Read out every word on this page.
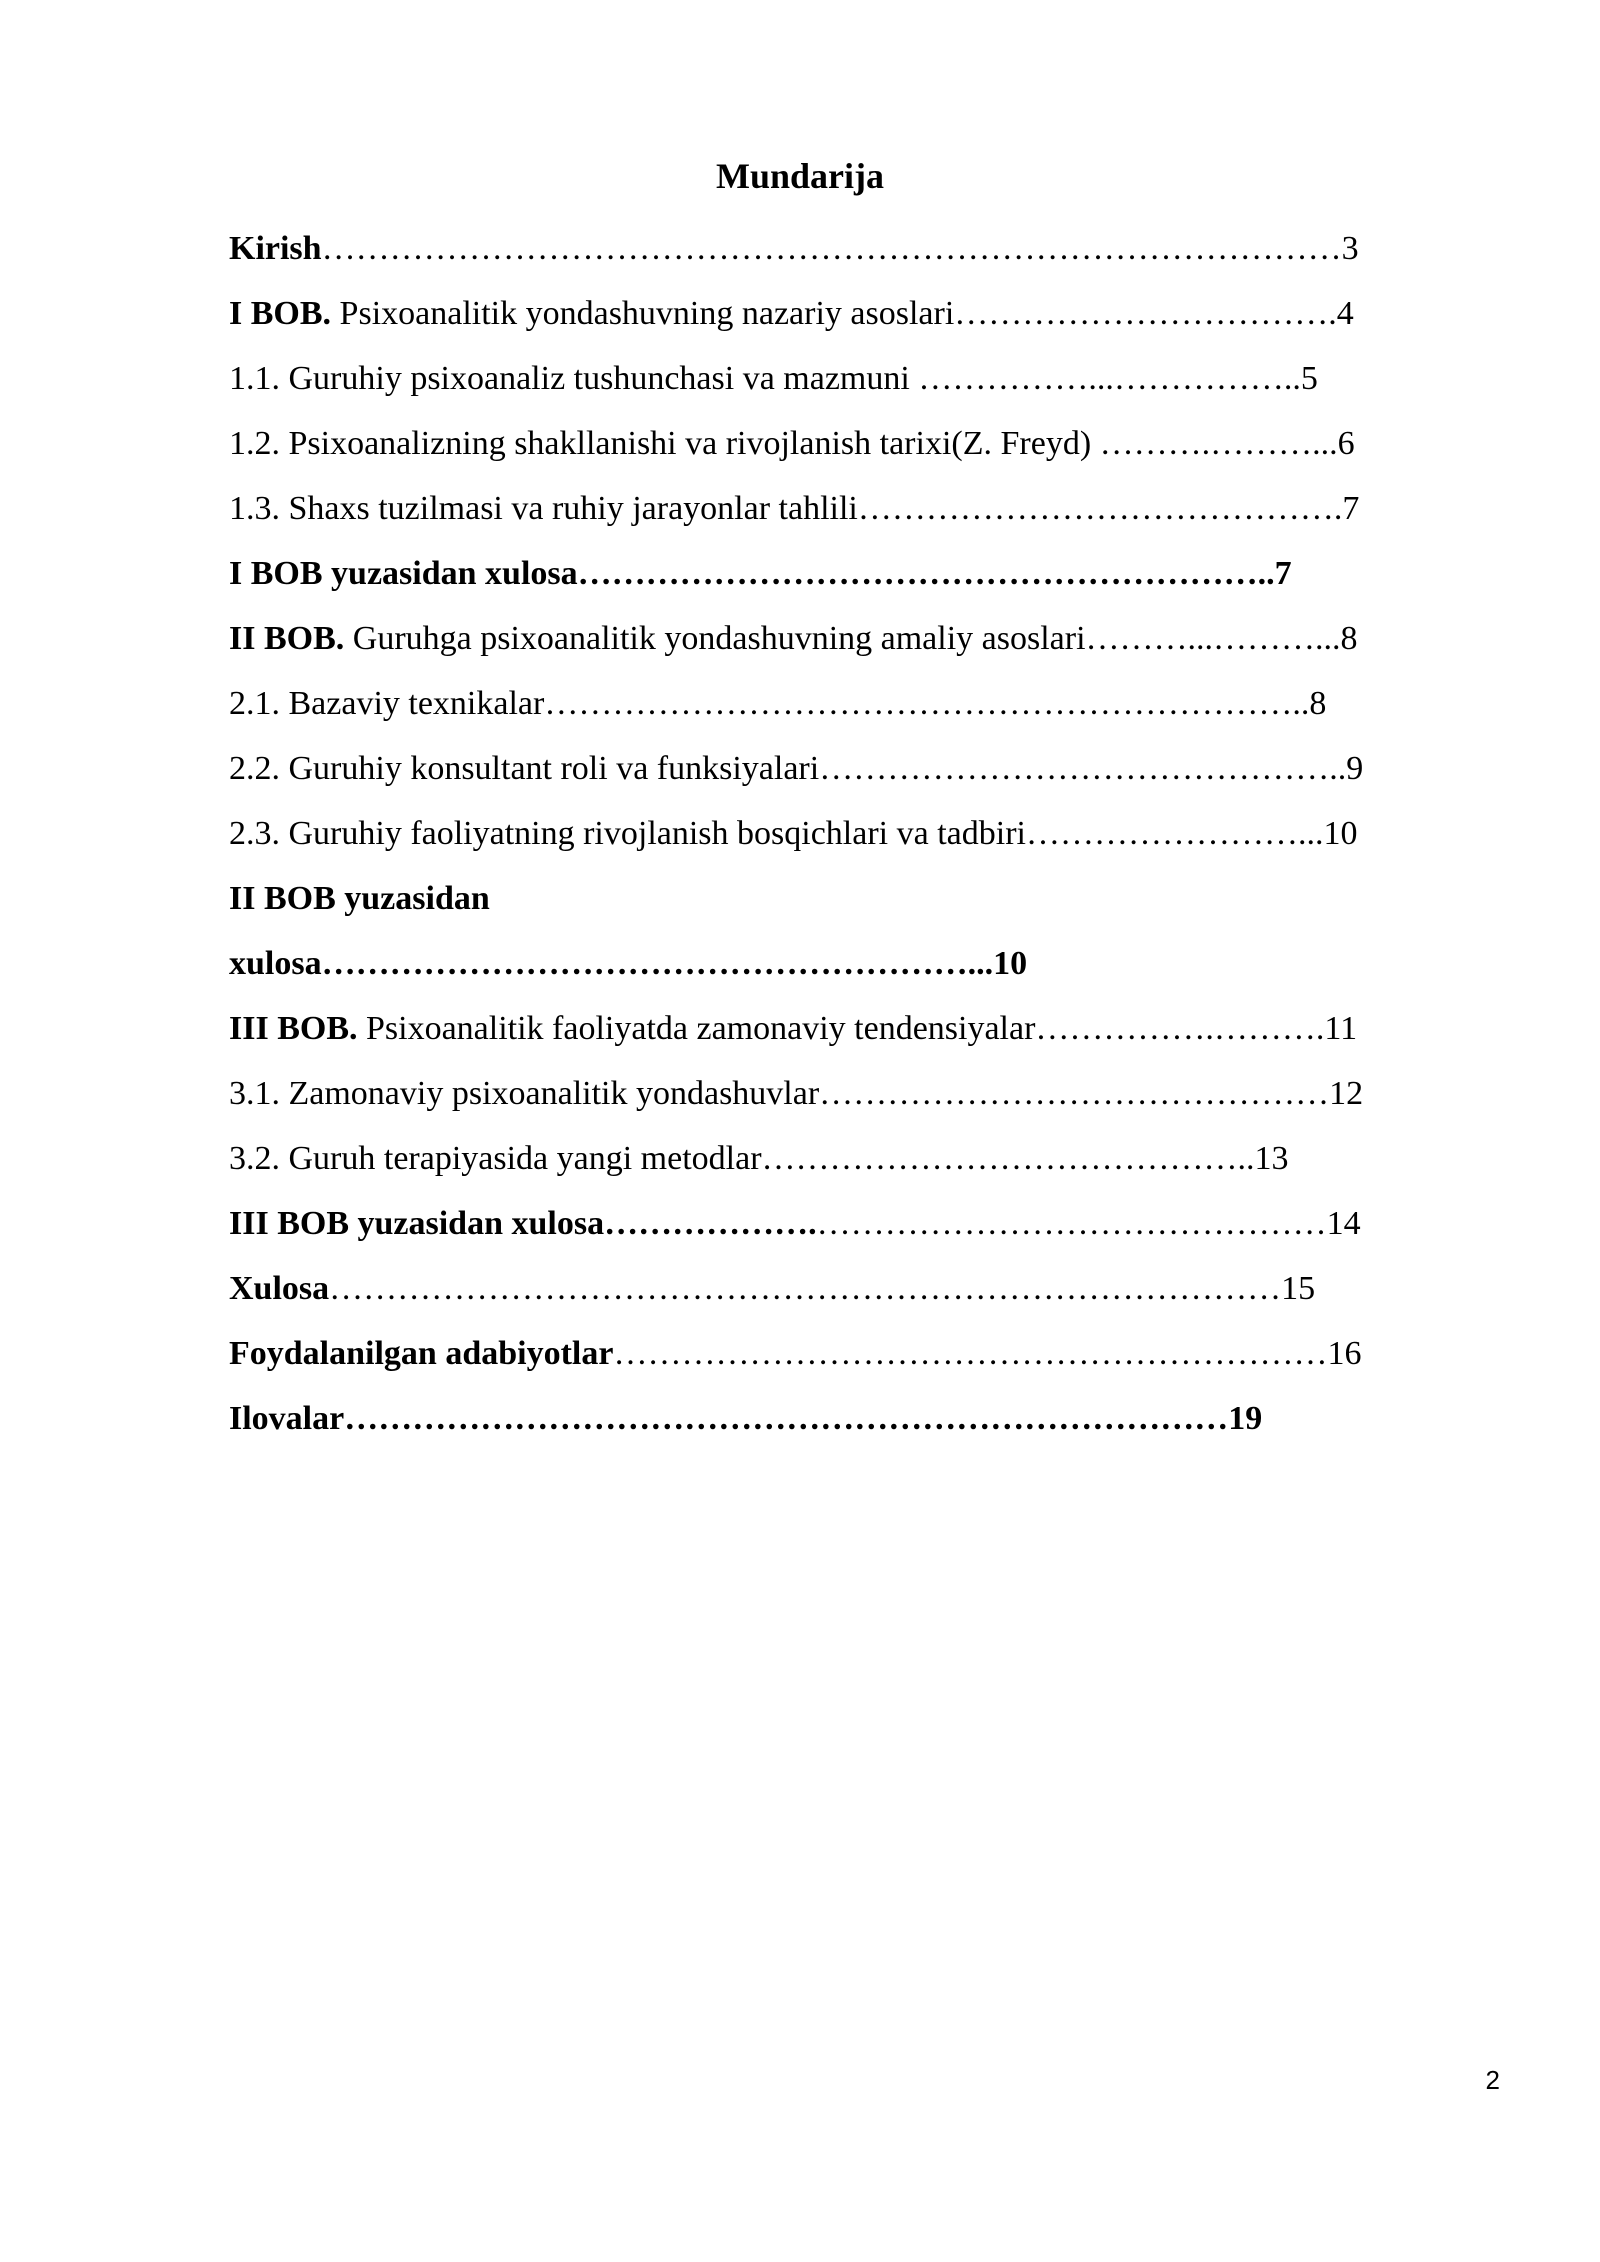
Mundarija
Kirish………………………………………………………………………………3
I BOB. Psixoanalitik yondashuvning nazariy asoslari…………………………….4
1.1. Guruhiy psixoanaliz tushunchasi va mazmuni ……………...……………..5
1.2. Psixoanalizning shakllanishi va rivojlanish tarixi(Z. Freyd) ……….………...6
1.3. Shaxs tuzilmasi va ruhiy jarayonlar tahlili…………………………………….7
I BOB yuzasidan xulosa……………………………………………………..7
II BOB. Guruhga psixoanalitik yondashuvning amaliy asoslari………...………...8
2.1. Bazaviy texnikalar…………………………………………………………..8
2.2. Guruhiy konsultant roli va funksiyalari………………………………………..9
2.3. Guruhiy faoliyatning rivojlanish bosqichlari va tadbiri……………………...10
II BOB yuzasidan
xulosa…………………………………………………...10
III BOB. Psixoanalitik faoliyatda zamonaviy tendensiyalar…………….……….11
3.1. Zamonaviy psixoanalitik yondashuvlar………………………………………12
3.2. Guruh terapiyasida yangi metodlar……………………………………..13
III BOB yuzasidan xulosa……………….………………………………………14
Xulosa…………………………………………………………………………15
Foydalanilgan adabiyotlar………………………………………………………16
Ilovalar……………………………………………………………………19
2
